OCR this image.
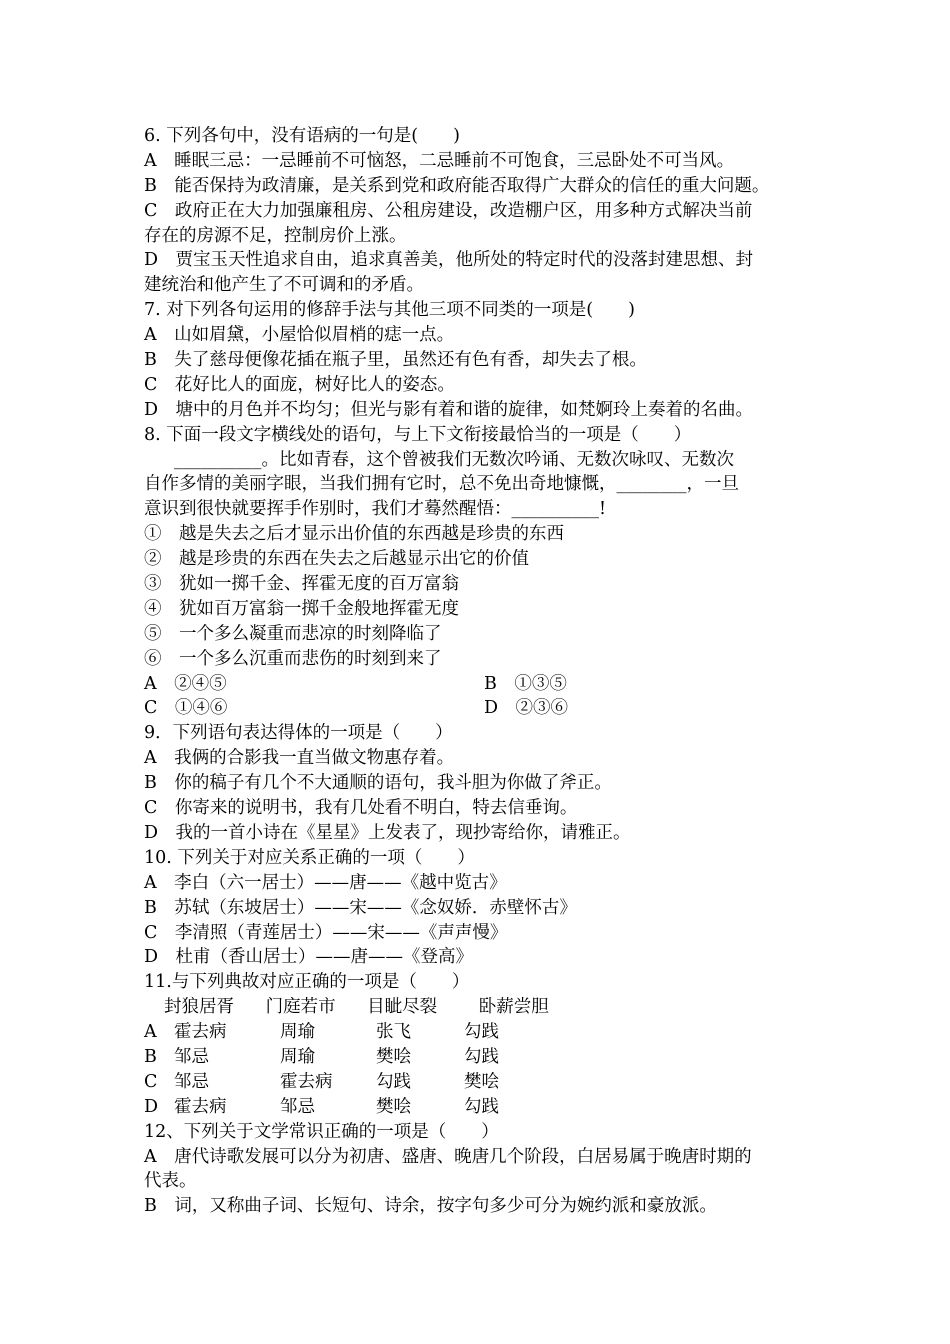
6. 下列各句中，没有语病的一句是(　　)
A　睡眠三忌：一忌睡前不可恼怒，二忌睡前不可饱食，三忌卧处不可当风。
B　能否保持为政清廉，是关系到党和政府能否取得广大群众的信任的重大问题。
C　政府正在大力加强廉租房、公租房建设，改造棚户区，用多种方式解决当前
存在的房源不足，控制房价上涨。
D　贾宝玉天性追求自由，追求真善美，他所处的特定时代的没落封建思想、封
建统治和他产生了不可调和的矛盾。
7. 对下列各句运用的修辞手法与其他三项不同类的一项是(　　)
A　山如眉黛，小屋恰似眉梢的痣一点。
B　失了慈母便像花插在瓶子里，虽然还有色有香，却失去了根。
C　花好比人的面庞，树好比人的姿态。
D　塘中的月色并不均匀；但光与影有着和谐的旋律，如梵婀玲上奏着的名曲。
8. 下面一段文字横线处的语句，与上下文衔接最恰当的一项是（　　）
__________。比如青春，这个曾被我们无数次吟诵、无数次咏叹、无数次
自作多情的美丽字眼，当我们拥有它时，总不免出奇地慷慨，________，一旦
意识到很快就要挥手作别时，我们才蓦然醒悟：__________!
①　越是失去之后才显示出价值的东西越是珍贵的东西
②　越是珍贵的东西在失去之后越显示出它的价值
③　犹如一掷千金、挥霍无度的百万富翁
④　犹如百万富翁一掷千金般地挥霍无度
⑤　一个多么凝重而悲凉的时刻降临了
⑥　一个多么沉重而悲伤的时刻到来了
A　②④⑤	B　①③⑤
C　①④⑥	D　②③⑥
9．下列语句表达得体的一项是（　　）
A　我俩的合影我一直当做文物惠存着。
B　你的稿子有几个不大通顺的语句，我斗胆为你做了斧正。
C　你寄来的说明书，我有几处看不明白，特去信垂询。
D　我的一首小诗在《星星》上发表了，现抄寄给你，请雅正。
10. 下列关于对应关系正确的一项（　　）
A　李白（六一居士）——唐——《越中览古》
B　苏轼（东坡居士）——宋——《念奴娇．赤壁怀古》
C　李清照（青莲居士）——宋——《声声慢》
D　杜甫（香山居士）——唐——《登高》
11.与下列典故对应正确的一项是（　　）
封狼居胥 门庭若市 目眦尽裂 卧薪尝胆
A 霍去病	周瑜	张飞	勾践
B 邹忌	周瑜	樊哙	勾践
C 邹忌	霍去病	勾践	樊哙
D 霍去病	邹忌	樊哙	勾践
12、下列关于文学常识正确的一项是（　　）
A　唐代诗歌发展可以分为初唐、盛唐、晚唐几个阶段，白居易属于晚唐时期的
代表。
B　词，又称曲子词、长短句、诗余，按字句多少可分为婉约派和豪放派。
